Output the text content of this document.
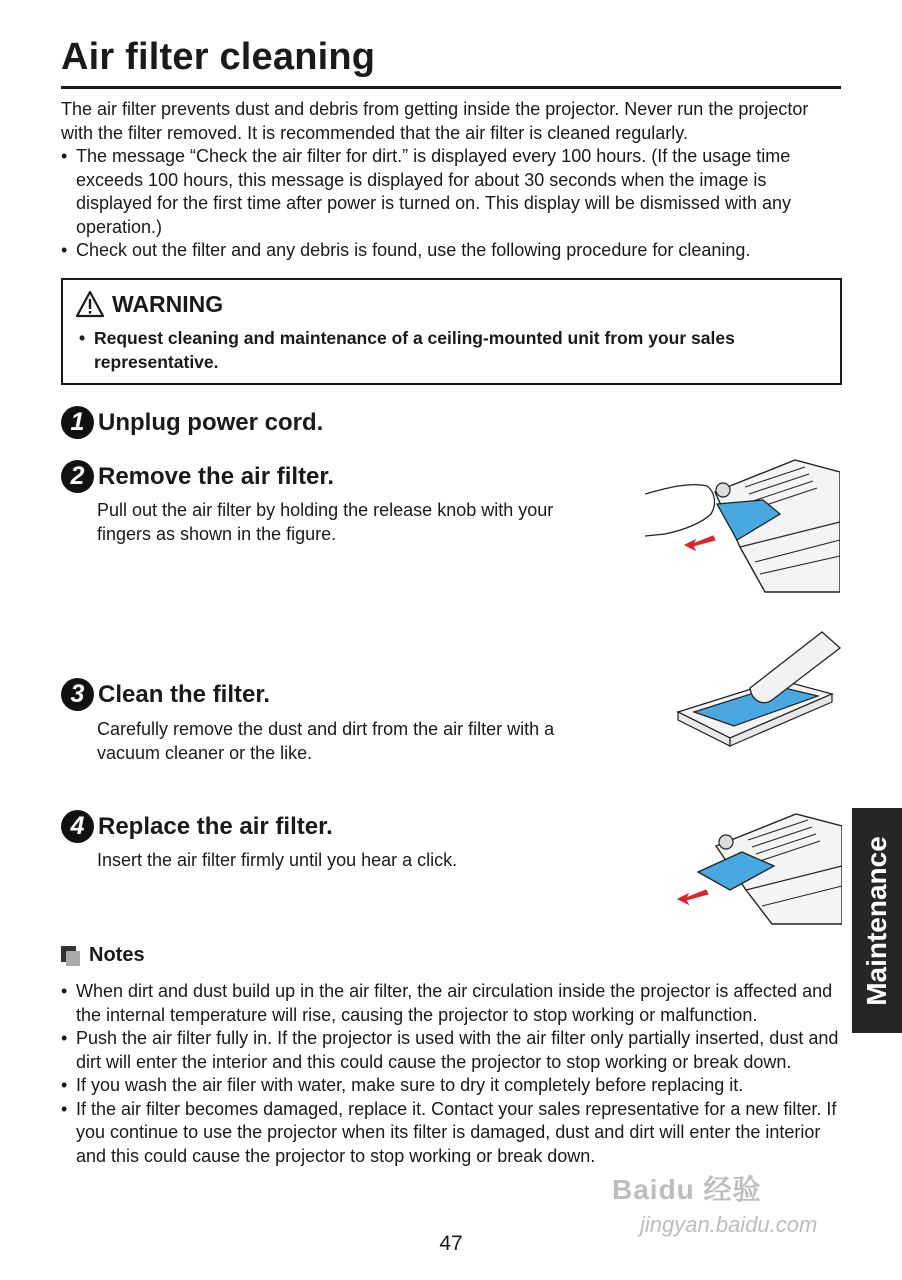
Air filter cleaning
The air filter prevents dust and debris from getting inside the projector. Never run the projector with the filter removed. It is recommended that the air filter is cleaned regularly.
• The message “Check the air filter for dirt.” is displayed every 100 hours. (If the usage time exceeds 100 hours, this message is displayed for about 30 seconds when the image is displayed for the first time after power is turned on. This display will be dismissed with any operation.)
• Check out the filter and any debris is found, use the following procedure for cleaning.
WARNING
• Request cleaning and maintenance of a ceiling-mounted unit from your sales representative.
1 Unplug power cord.
2 Remove the air filter.
Pull out the air filter by holding the release knob with your fingers as shown in the figure.
3 Clean the filter.
Carefully remove the dust and dirt from the air filter with a vacuum cleaner or the like.
4 Replace the air filter.
Insert the air filter firmly until you hear a click.
Notes
• When dirt and dust build up in the air filter, the air circulation inside the projector is affected and the internal temperature will rise, causing the projector to stop working or malfunction.
• Push the air filter fully in. If the projector is used with the air filter only partially inserted, dust and dirt will enter the interior and this could cause the projector to stop working or break down.
• If you wash the air filer with water, make sure to dry it completely before replacing it.
• If the air filter becomes damaged, replace it. Contact your sales representative for a new filter. If you continue to use the projector when its filter is damaged, dust and dirt will enter the interior and this could cause the projector to stop working or break down.
Maintenance
Baidu 经验
jingyan.baidu.com
47
